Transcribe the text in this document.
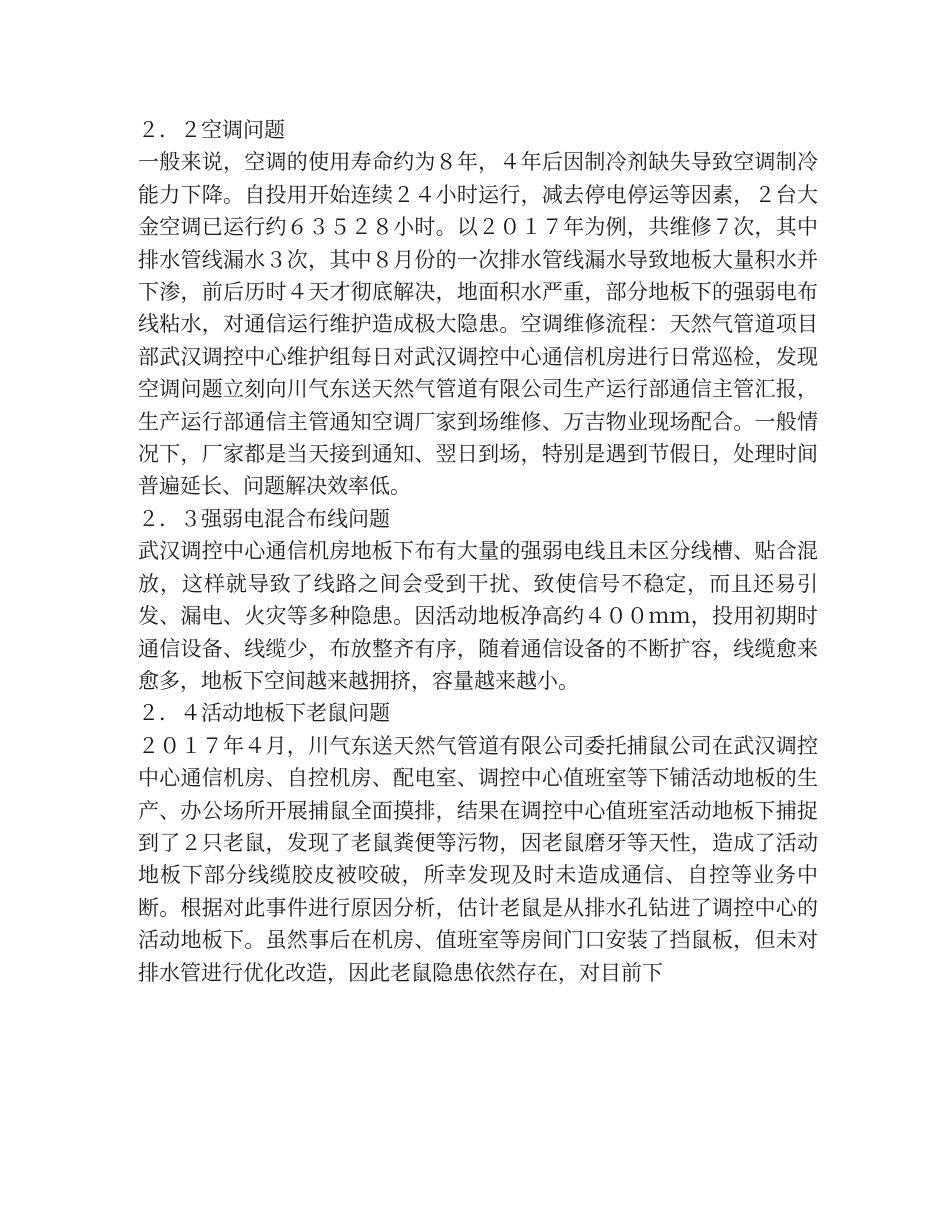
２．２空调问题

一般来说，空调的使用寿命约为８年，４年后因制冷剂缺失导致空调制冷能力下降。自投用开始连续２４小时运行，减去停电停运等因素，２台大金空调已运行约６３５２８小时。以２０１７年为例，共维修７次，其中排水管线漏水３次，其中８月份的一次排水管线漏水导致地板大量积水并下渗，前后历时４天才彻底解决，地面积水严重，部分地板下的强弱电布线粘水，对通信运行维护造成极大隐患。空调维修流程：天然气管道项目部武汉调控中心维护组每日对武汉调控中心通信机房进行日常巡检，发现空调问题立刻向川气东送天然气管道有限公司生产运行部通信主管汇报，生产运行部通信主管通知空调厂家到场维修、万吉物业现场配合。一般情况下，厂家都是当天接到通知、翌日到场，特别是遇到节假日，处理时间普遍延长、问题解决效率低。

２．３强弱电混合布线问题

武汉调控中心通信机房地板下布有大量的强弱电线且未区分线槽、贴合混放，这样就导致了线路之间会受到干扰、致使信号不稳定，而且还易引发、漏电、火灾等多种隐患。因活动地板净高约４００ｍｍ，投用初期时通信设备、线缆少，布放整齐有序，随着通信设备的不断扩容，线缆愈来愈多，地板下空间越来越拥挤，容量越来越小。

２．４活动地板下老鼠问题

２０１７年４月，川气东送天然气管道有限公司委托捕鼠公司在武汉调控中心通信机房、自控机房、配电室、调控中心值班室等下铺活动地板的生产、办公场所开展捕鼠全面摸排，结果在调控中心值班室活动地板下捕捉到了２只老鼠，发现了老鼠粪便等污物，因老鼠磨牙等天性，造成了活动地板下部分线缆胶皮被咬破，所幸发现及时未造成通信、自控等业务中断。根据对此事件进行原因分析，估计老鼠是从排水孔钻进了调控中心的活动地板下。虽然事后在机房、值班室等房间门口安装了挡鼠板，但未对排水管进行优化改造，因此老鼠隐患依然存在，对目前下
